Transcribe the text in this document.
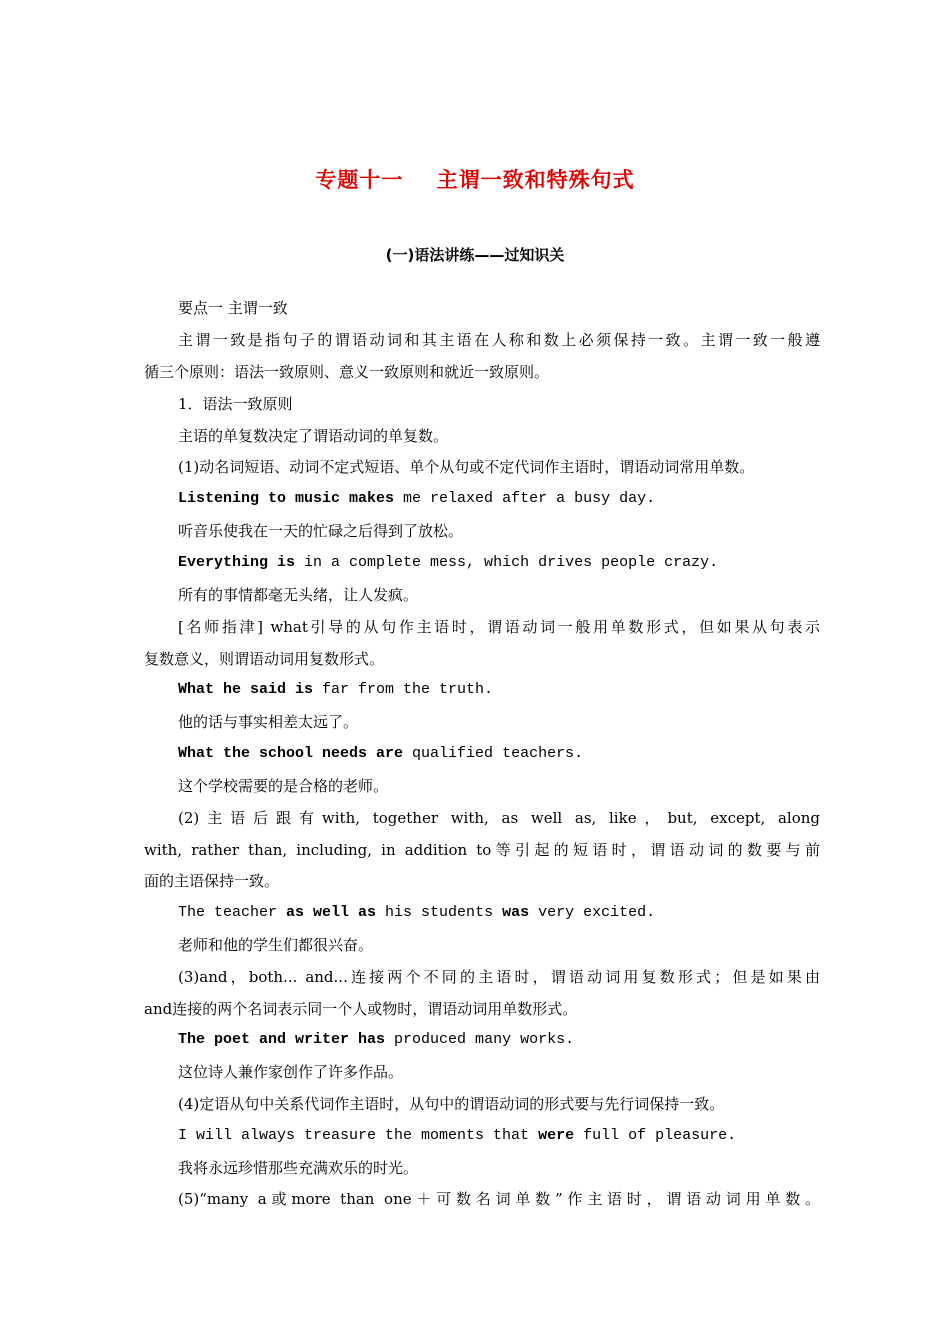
专题十一    主谓一致和特殊句式
(一)语法讲练——过知识关
要点一 主谓一致
主谓一致是指句子的谓语动词和其主语在人称和数上必须保持一致。主谓一致一般遵
循三个原则：语法一致原则、意义一致原则和就近一致原则。
1．语法一致原则
主语的单复数决定了谓语动词的单复数。
(1)动名词短语、动词不定式短语、单个从句或不定代词作主语时，谓语动词常用单数。
Listening to music makes me relaxed after a busy day.
听音乐使我在一天的忙碌之后得到了放松。
Everything is in a complete mess, which drives people crazy.
所有的事情都毫无头绪，让人发疯。
[名师指津] what引导的从句作主语时，谓语动词一般用单数形式，但如果从句表示
复数意义，则谓语动词用复数形式。
What he said is far from the truth.
他的话与事实相差太远了。
What the school needs are qualified teachers.
这个学校需要的是合格的老师。
(2)主语后跟有with, together with, as well as, like，but, except, along
with, rather than, including, in addition to等引起的短语时，谓语动词的数要与前
面的主语保持一致。
The teacher as well as his students was very excited.
老师和他的学生们都很兴奋。
(3)and，both... and...连接两个不同的主语时，谓语动词用复数形式；但是如果由
and连接的两个名词表示同一个人或物时，谓语动词用单数形式。
The poet and writer has produced many works.
这位诗人兼作家创作了许多作品。
(4)定语从句中关系代词作主语时，从句中的谓语动词的形式要与先行词保持一致。
I will always treasure the moments that were full of pleasure.
我将永远珍惜那些充满欢乐的时光。
(5)“many a或more than one＋可数名词单数”作主语时，谓语动词用单数。
